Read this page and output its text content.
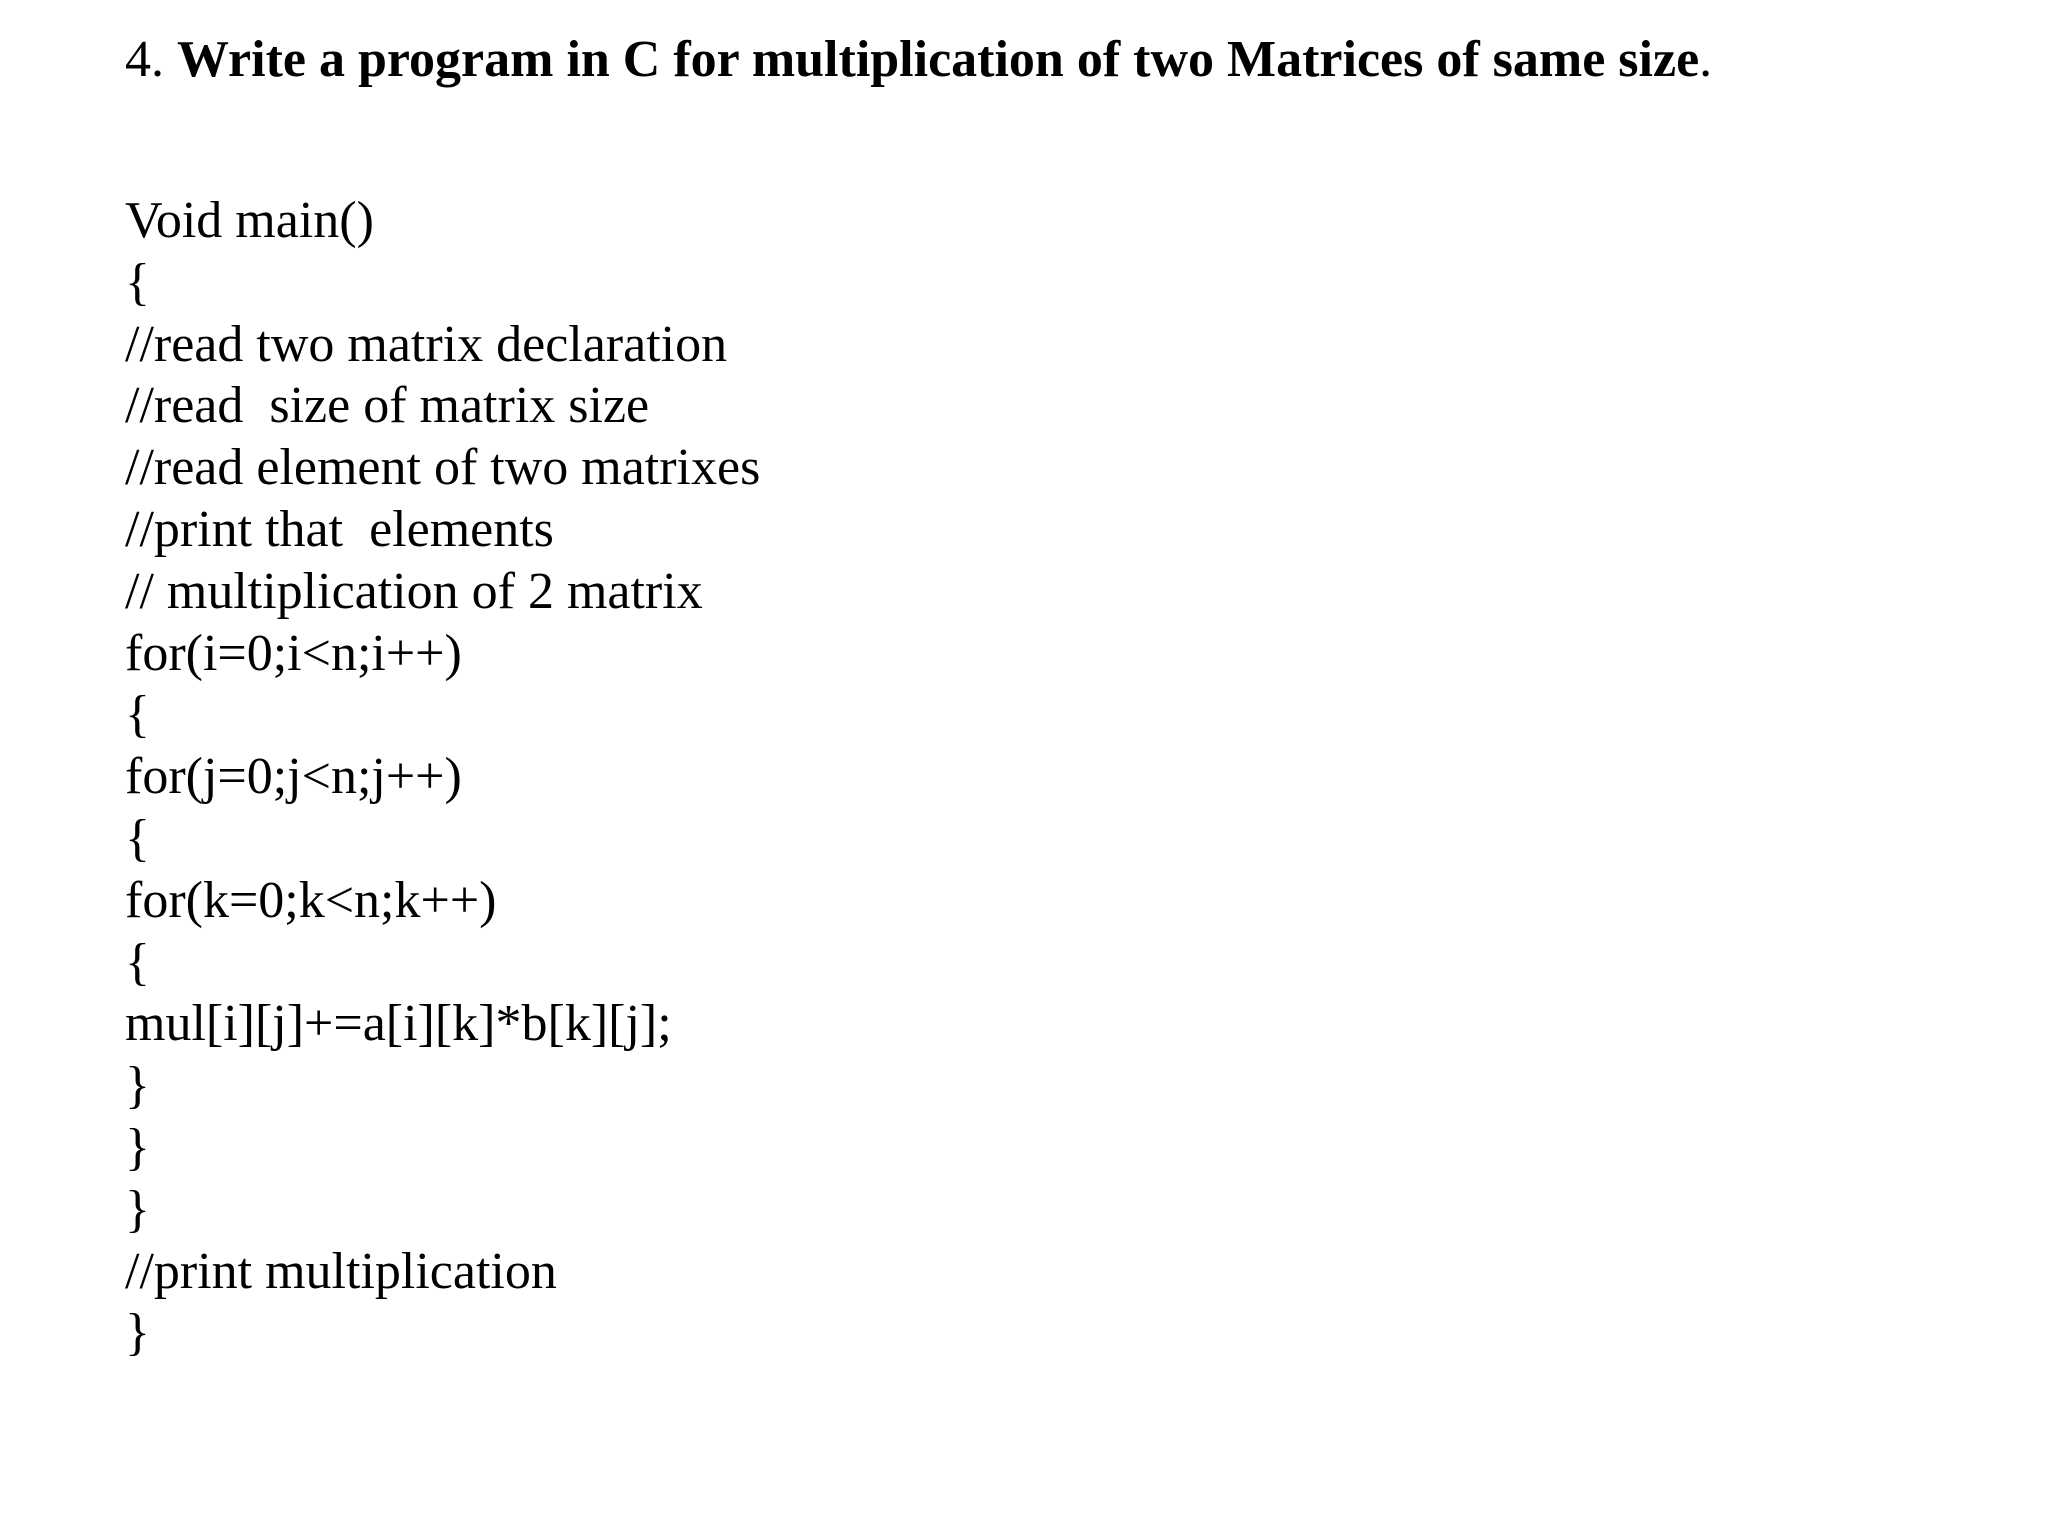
4. Write a program in C for multiplication of two Matrices of same size.
Void main()
{
//read two matrix declaration
//read  size of matrix size
//read element of two matrixes
//print that  elements
// multiplication of 2 matrix
for(i=0;i<n;i++)
{
for(j=0;j<n;j++)
{
for(k=0;k<n;k++)
{
mul[i][j]+=a[i][k]*b[k][j];
}
}
}
//print multiplication
}
